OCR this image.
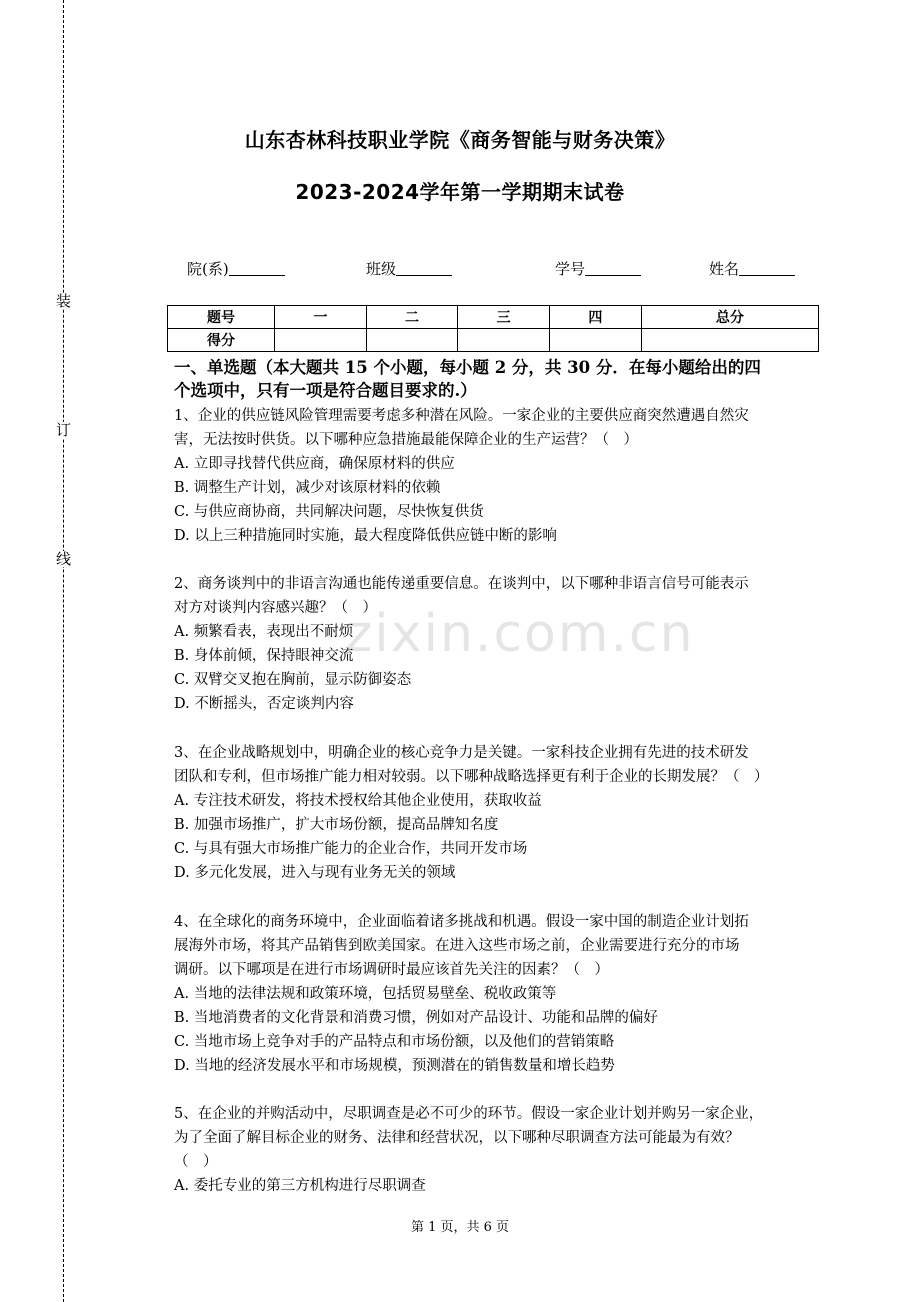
装
订
线
山东杏林科技职业学院《商务智能与财务决策》
2023-2024学年第一学期期末试卷
院(系)	班级	学号	姓名
题号	一	二	三	四	总分
得分					
一、单选题（本大题共 15 个小题，每小题 2 分，共 30 分．在每小题给出的四
个选项中，只有一项是符合题目要求的.）
1、企业的供应链风险管理需要考虑多种潜在风险。一家企业的主要供应商突然遭遇自然灾
害，无法按时供货。以下哪种应急措施最能保障企业的生产运营？（　）
A. 立即寻找替代供应商，确保原材料的供应
B. 调整生产计划，减少对该原材料的依赖
C. 与供应商协商，共同解决问题，尽快恢复供货
D. 以上三种措施同时实施，最大程度降低供应链中断的影响
2、商务谈判中的非语言沟通也能传递重要信息。在谈判中，以下哪种非语言信号可能表示
对方对谈判内容感兴趣？（　）
A. 频繁看表，表现出不耐烦
B. 身体前倾，保持眼神交流
C. 双臂交叉抱在胸前，显示防御姿态
D. 不断摇头，否定谈判内容
3、在企业战略规划中，明确企业的核心竞争力是关键。一家科技企业拥有先进的技术研发
团队和专利，但市场推广能力相对较弱。以下哪种战略选择更有利于企业的长期发展？（　）
A. 专注技术研发，将技术授权给其他企业使用，获取收益
B. 加强市场推广，扩大市场份额，提高品牌知名度
C. 与具有强大市场推广能力的企业合作，共同开发市场
D. 多元化发展，进入与现有业务无关的领域
4、在全球化的商务环境中，企业面临着诸多挑战和机遇。假设一家中国的制造企业计划拓
展海外市场，将其产品销售到欧美国家。在进入这些市场之前，企业需要进行充分的市场
调研。以下哪项是在进行市场调研时最应该首先关注的因素？（　）
A. 当地的法律法规和政策环境，包括贸易壁垒、税收政策等
B. 当地消费者的文化背景和消费习惯，例如对产品设计、功能和品牌的偏好
C. 当地市场上竞争对手的产品特点和市场份额，以及他们的营销策略
D. 当地的经济发展水平和市场规模，预测潜在的销售数量和增长趋势
5、在企业的并购活动中，尽职调查是必不可少的环节。假设一家企业计划并购另一家企业，
为了全面了解目标企业的财务、法律和经营状况，以下哪种尽职调查方法可能最为有效？
（　）
A. 委托专业的第三方机构进行尽职调查
zixin.com.cn
第 1 页，共 6 页
